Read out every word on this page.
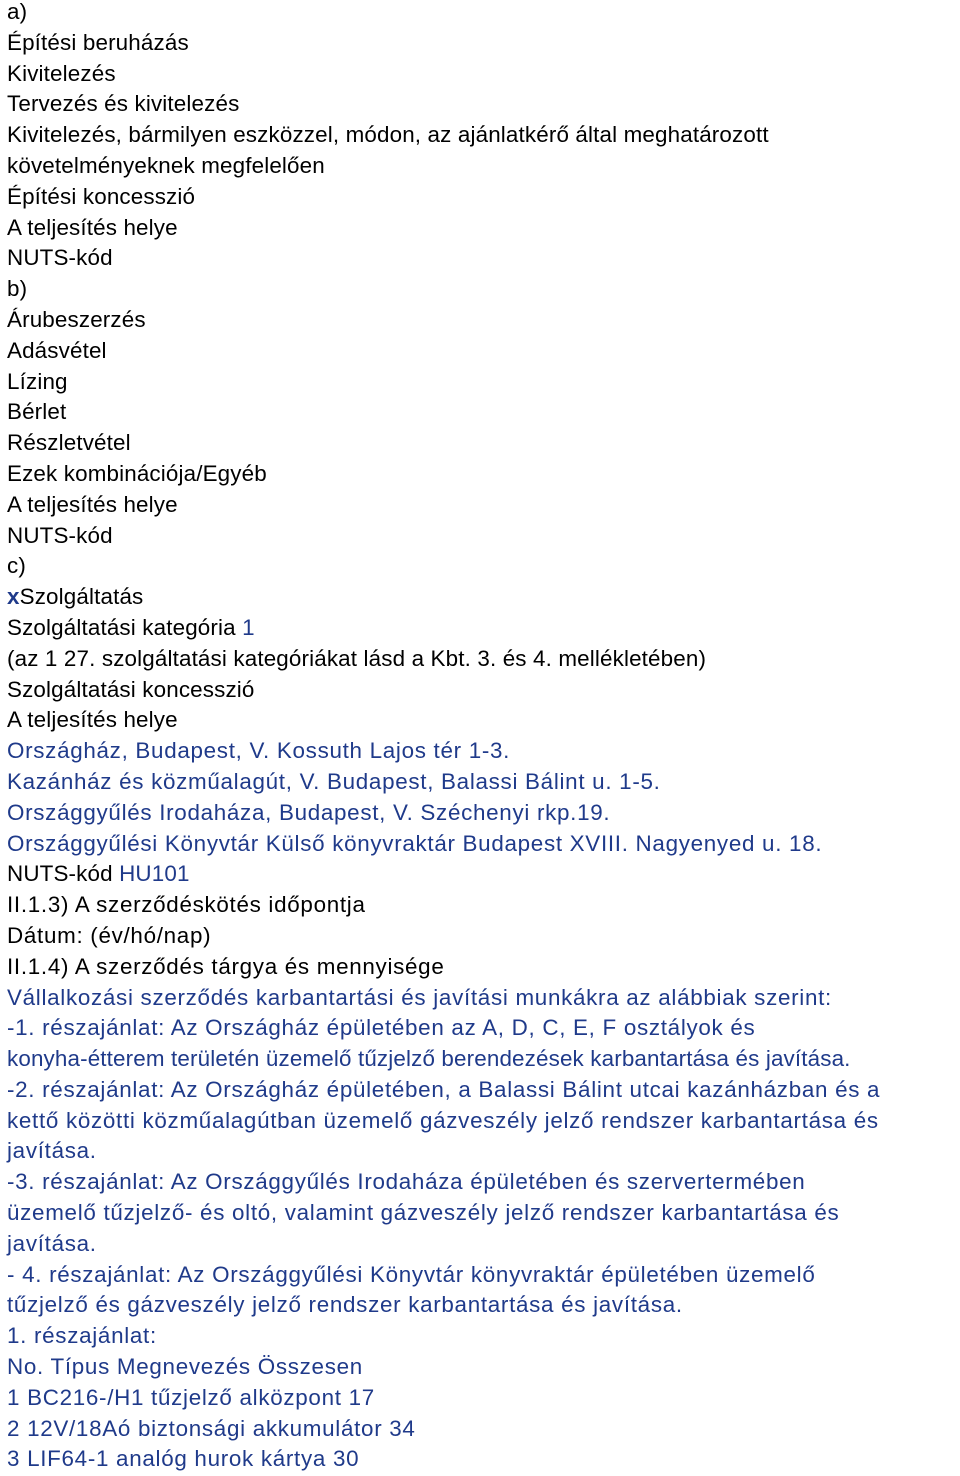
a)
Építési beruházás
Kivitelezés
Tervezés és kivitelezés
Kivitelezés, bármilyen eszközzel, módon, az ajánlatkérő által meghatározott
követelményeknek megfelelően
Építési koncesszió
A teljesítés helye
NUTS-kód
b)
Árubeszerzés
Adásvétel
Lízing
Bérlet
Részletvétel
Ezek kombinációja/Egyéb
A teljesítés helye
NUTS-kód
c)
xSzolgáltatás
Szolgáltatási kategória 1
(az 1 27. szolgáltatási kategóriákat lásd a Kbt. 3. és 4. mellékletében)
Szolgáltatási koncesszió
A teljesítés helye
Országház, Budapest, V. Kossuth Lajos tér 1-3.
Kazánház és közműalagút, V. Budapest, Balassi Bálint u. 1-5.
Országgyűlés Irodaháza, Budapest, V. Széchenyi rkp.19.
Országgyűlési Könyvtár Külső könyvraktár Budapest XVIII. Nagyenyed u. 18.
NUTS-kód HU101
II.1.3) A szerződéskötés időpontja
Dátum: (év/hó/nap)
II.1.4) A szerződés tárgya és mennyisége
Vállalkozási szerződés karbantartási és javítási munkákra az alábbiak szerint:
-1. részajánlat: Az Országház épületében az A, D, C, E, F osztályok és
konyha-étterem területén üzemelő tűzjelző berendezések karbantartása és javítása.
-2. részajánlat: Az Országház épületében, a Balassi Bálint utcai kazánházban és a
kettő közötti közműalagútban üzemelő gázveszély jelző rendszer karbantartása és
javítása.
-3. részajánlat: Az Országgyűlés Irodaháza épületében és szervertermében
üzemelő tűzjelző- és oltó, valamint gázveszély jelző rendszer karbantartása és
javítása.
- 4. részajánlat: Az Országgyűlési Könyvtár könyvraktár épületében üzemelő
tűzjelző és gázveszély jelző rendszer karbantartása és javítása.
1. részajánlat:
No. Típus Megnevezés Összesen
1 BC216-/H1 tűzjelző alközpont 17
2 12V/18Aó biztonsági akkumulátor 34
3 LIF64-1 analóg hurok kártya 30
